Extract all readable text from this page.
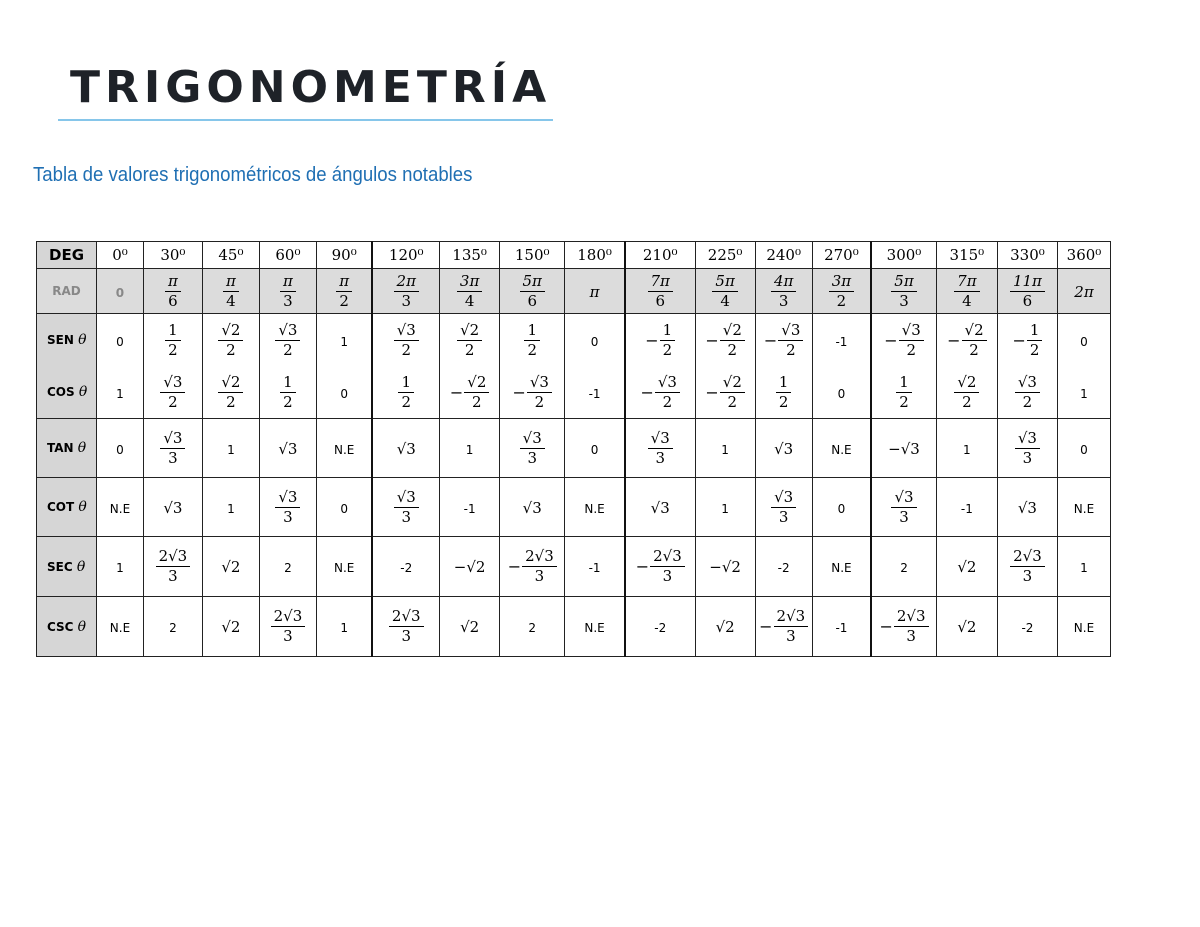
TRIGONOMETRÍA
Tabla de valores trigonométricos de ángulos notables
DEG	0⁰	30⁰	45⁰	60⁰	90⁰	120⁰	135⁰	150⁰	180⁰	210⁰	225⁰	240⁰	270⁰	300⁰	315⁰	330⁰	360⁰
RAD	0	$\frac{\pi}{6}$	$\frac{\pi}{4}$	$\frac{\pi}{3}$	$\frac{\pi}{2}$	$\frac{2\pi}{3}$	$\frac{3\pi}{4}$	$\frac{5\pi}{6}$	π	$\frac{7\pi}{6}$	$\frac{5\pi}{4}$	$\frac{4\pi}{3}$	$\frac{3\pi}{2}$	$\frac{5\pi}{3}$	$\frac{7\pi}{4}$	$\frac{11\pi}{6}$	2π
SEN θ	0	$\frac{1}{2}$	$\frac{√2}{2}$	$\frac{√3}{2}$	1	$\frac{√3}{2}$	$\frac{√2}{2}$	$\frac{1}{2}$	0	− $\frac{1}{2}$	− $\frac{√2}{2}$	− $\frac{√3}{2}$	-1	− $\frac{√3}{2}$	− $\frac{√2}{2}$	− $\frac{1}{2}$	0
COS θ	1	$\frac{√3}{2}$	$\frac{√2}{2}$	$\frac{1}{2}$	0	$\frac{1}{2}$	− $\frac{√2}{2}$	− $\frac{√3}{2}$	-1	− $\frac{√3}{2}$	− $\frac{√2}{2}$	$\frac{1}{2}$	0	$\frac{1}{2}$	$\frac{√2}{2}$	$\frac{√3}{2}$	1
TAN θ	0	$\frac{√3}{3}$	1	√3	N.E	√3	1	$\frac{√3}{3}$	0	$\frac{√3}{3}$	1	√3	N.E	−√3	1	$\frac{√3}{3}$	0
COT θ	N.E	√3	1	$\frac{√3}{3}$	0	$\frac{√3}{3}$	-1	√3	N.E	√3	1	$\frac{√3}{3}$	0	$\frac{√3}{3}$	-1	√3	N.E
SEC θ	1	$\frac{2√3}{3}$	√2	2	N.E	-2	−√2	− $\frac{2√3}{3}$	-1	− $\frac{2√3}{3}$	−√2	-2	N.E	2	√2	$\frac{2√3}{3}$	1
CSC θ	N.E	2	√2	$\frac{2√3}{3}$	1	$\frac{2√3}{3}$	√2	2	N.E	-2	√2	− $\frac{2√3}{3}$	-1	− $\frac{2√3}{3}$	√2	-2	N.E
